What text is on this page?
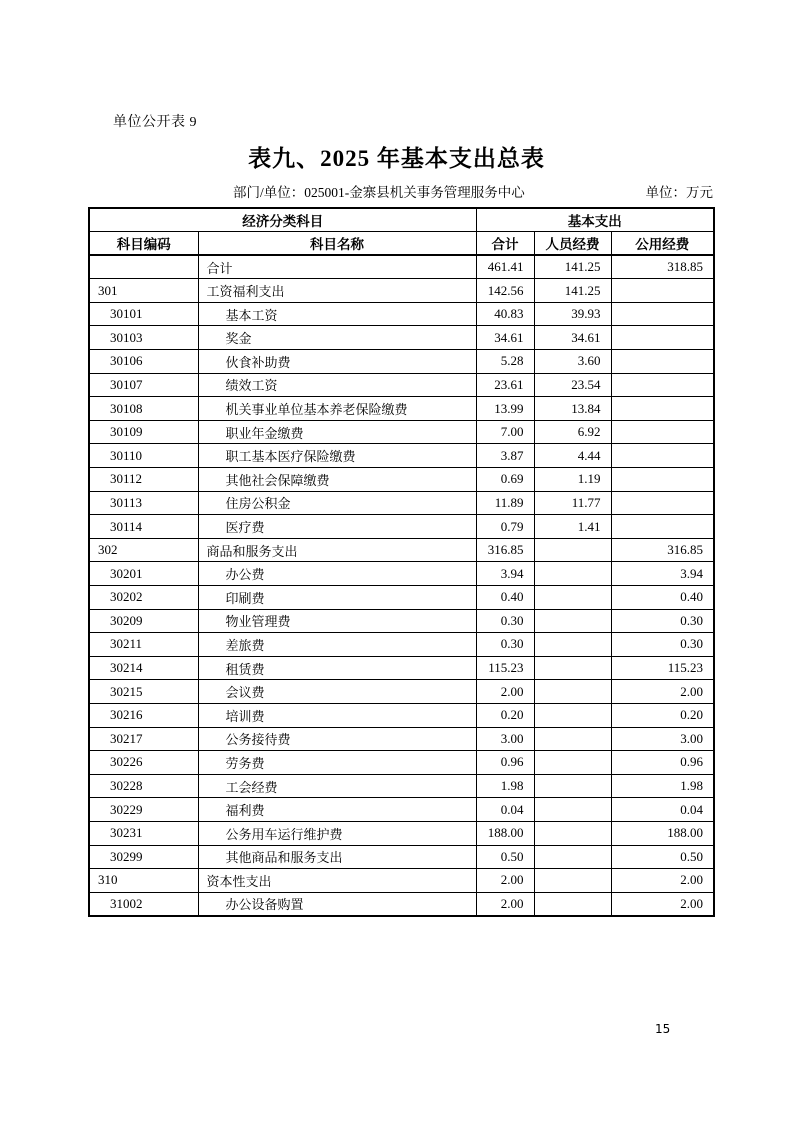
单位公开表 9
表九、2025 年基本支出总表
部门/单位：025001-金寨县机关事务管理服务中心	单位：万元
经济分类科目		基本支出		
科目编码	科目名称	合计	人员经费	公用经费
	合计	461.41	141.25	318.85
301	工资福利支出	142.56	141.25	
30101	基本工资	40.83	39.93	
30103	奖金	34.61	34.61	
30106	伙食补助费	5.28	3.60	
30107	绩效工资	23.61	23.54	
30108	机关事业单位基本养老保险缴费	13.99	13.84	
30109	职业年金缴费	7.00	6.92	
30110	职工基本医疗保险缴费	3.87	4.44	
30112	其他社会保障缴费	0.69	1.19	
30113	住房公积金	11.89	11.77	
30114	医疗费	0.79	1.41	
302	商品和服务支出	316.85		316.85
30201	办公费	3.94		3.94
30202	印刷费	0.40		0.40
30209	物业管理费	0.30		0.30
30211	差旅费	0.30		0.30
30214	租赁费	115.23		115.23
30215	会议费	2.00		2.00
30216	培训费	0.20		0.20
30217	公务接待费	3.00		3.00
30226	劳务费	0.96		0.96
30228	工会经费	1.98		1.98
30229	福利费	0.04		0.04
30231	公务用车运行维护费	188.00		188.00
30299	其他商品和服务支出	0.50		0.50
310	资本性支出	2.00		2.00
31002	办公设备购置	2.00		2.00
15
